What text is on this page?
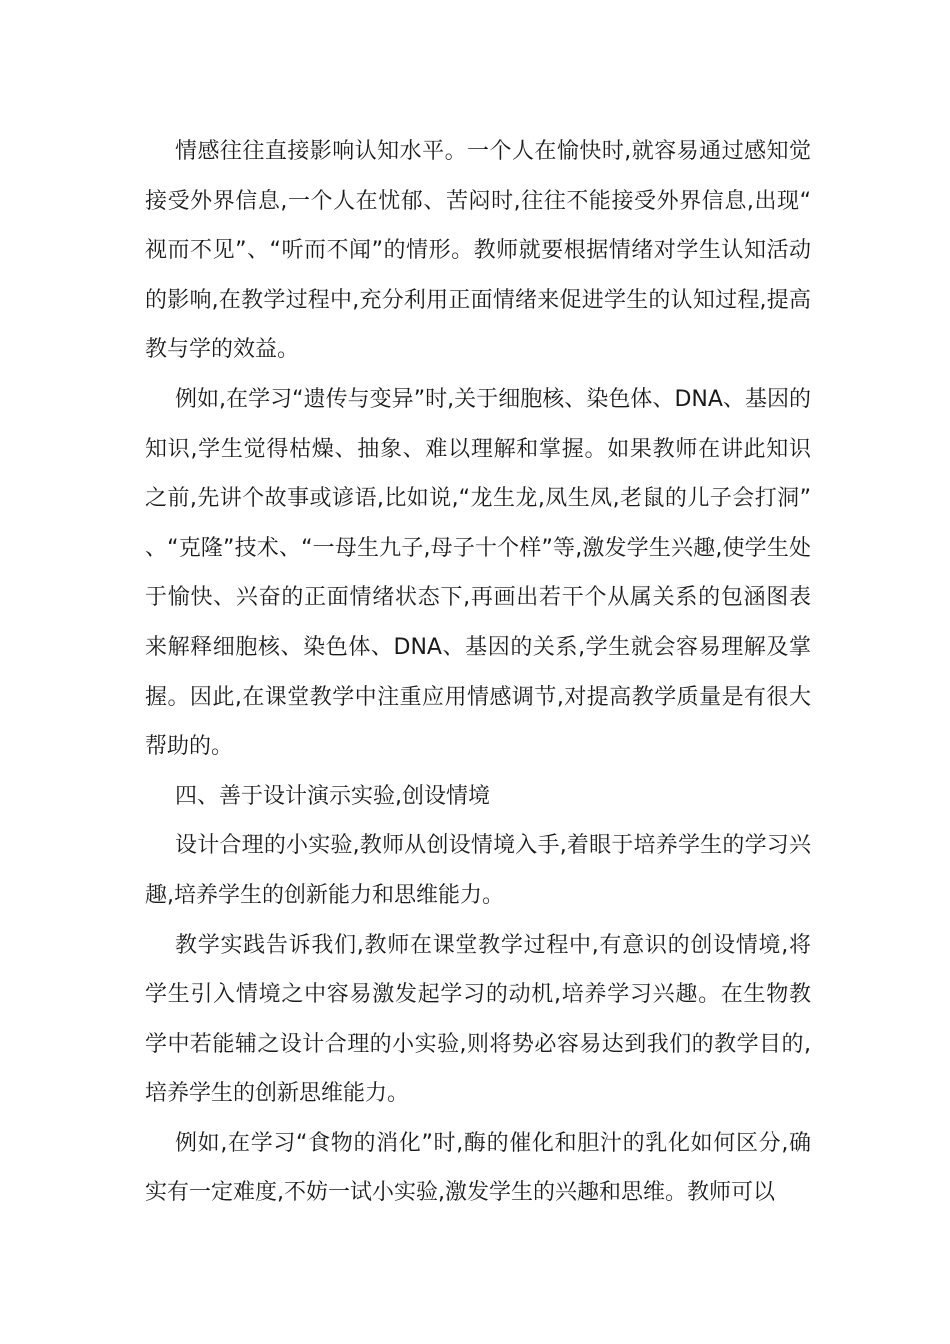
情感往往直接影响认知水平。一个人在愉快时,就容易通过感知觉接受外界信息,一个人在忧郁、苦闷时,往往不能接受外界信息,出现“视而不见”、“听而不闻”的情形。教师就要根据情绪对学生认知活动的影响,在教学过程中,充分利用正面情绪来促进学生的认知过程,提高教与学的效益。

例如,在学习“遗传与变异”时,关于细胞核、染色体、DNA、基因的知识,学生觉得枯燥、抽象、难以理解和掌握。如果教师在讲此知识之前,先讲个故事或谚语,比如说,“龙生龙,凤生凤,老鼠的儿子会打洞”、“克隆”技术、“一母生九子,母子十个样”等,激发学生兴趣,使学生处于愉快、兴奋的正面情绪状态下,再画出若干个从属关系的包涵图表来解释细胞核、染色体、DNA、基因的关系,学生就会容易理解及掌握。因此,在课堂教学中注重应用情感调节,对提高教学质量是有很大帮助的。

四、善于设计演示实验,创设情境

设计合理的小实验,教师从创设情境入手,着眼于培养学生的学习兴趣,培养学生的创新能力和思维能力。

教学实践告诉我们,教师在课堂教学过程中,有意识的创设情境,将学生引入情境之中容易激发起学习的动机,培养学习兴趣。在生物教学中若能辅之设计合理的小实验,则将势必容易达到我们的教学目的,培养学生的创新思维能力。

例如,在学习“食物的消化”时,酶的催化和胆汁的乳化如何区分,确实有一定难度,不妨一试小实验,激发学生的兴趣和思维。教师可以
